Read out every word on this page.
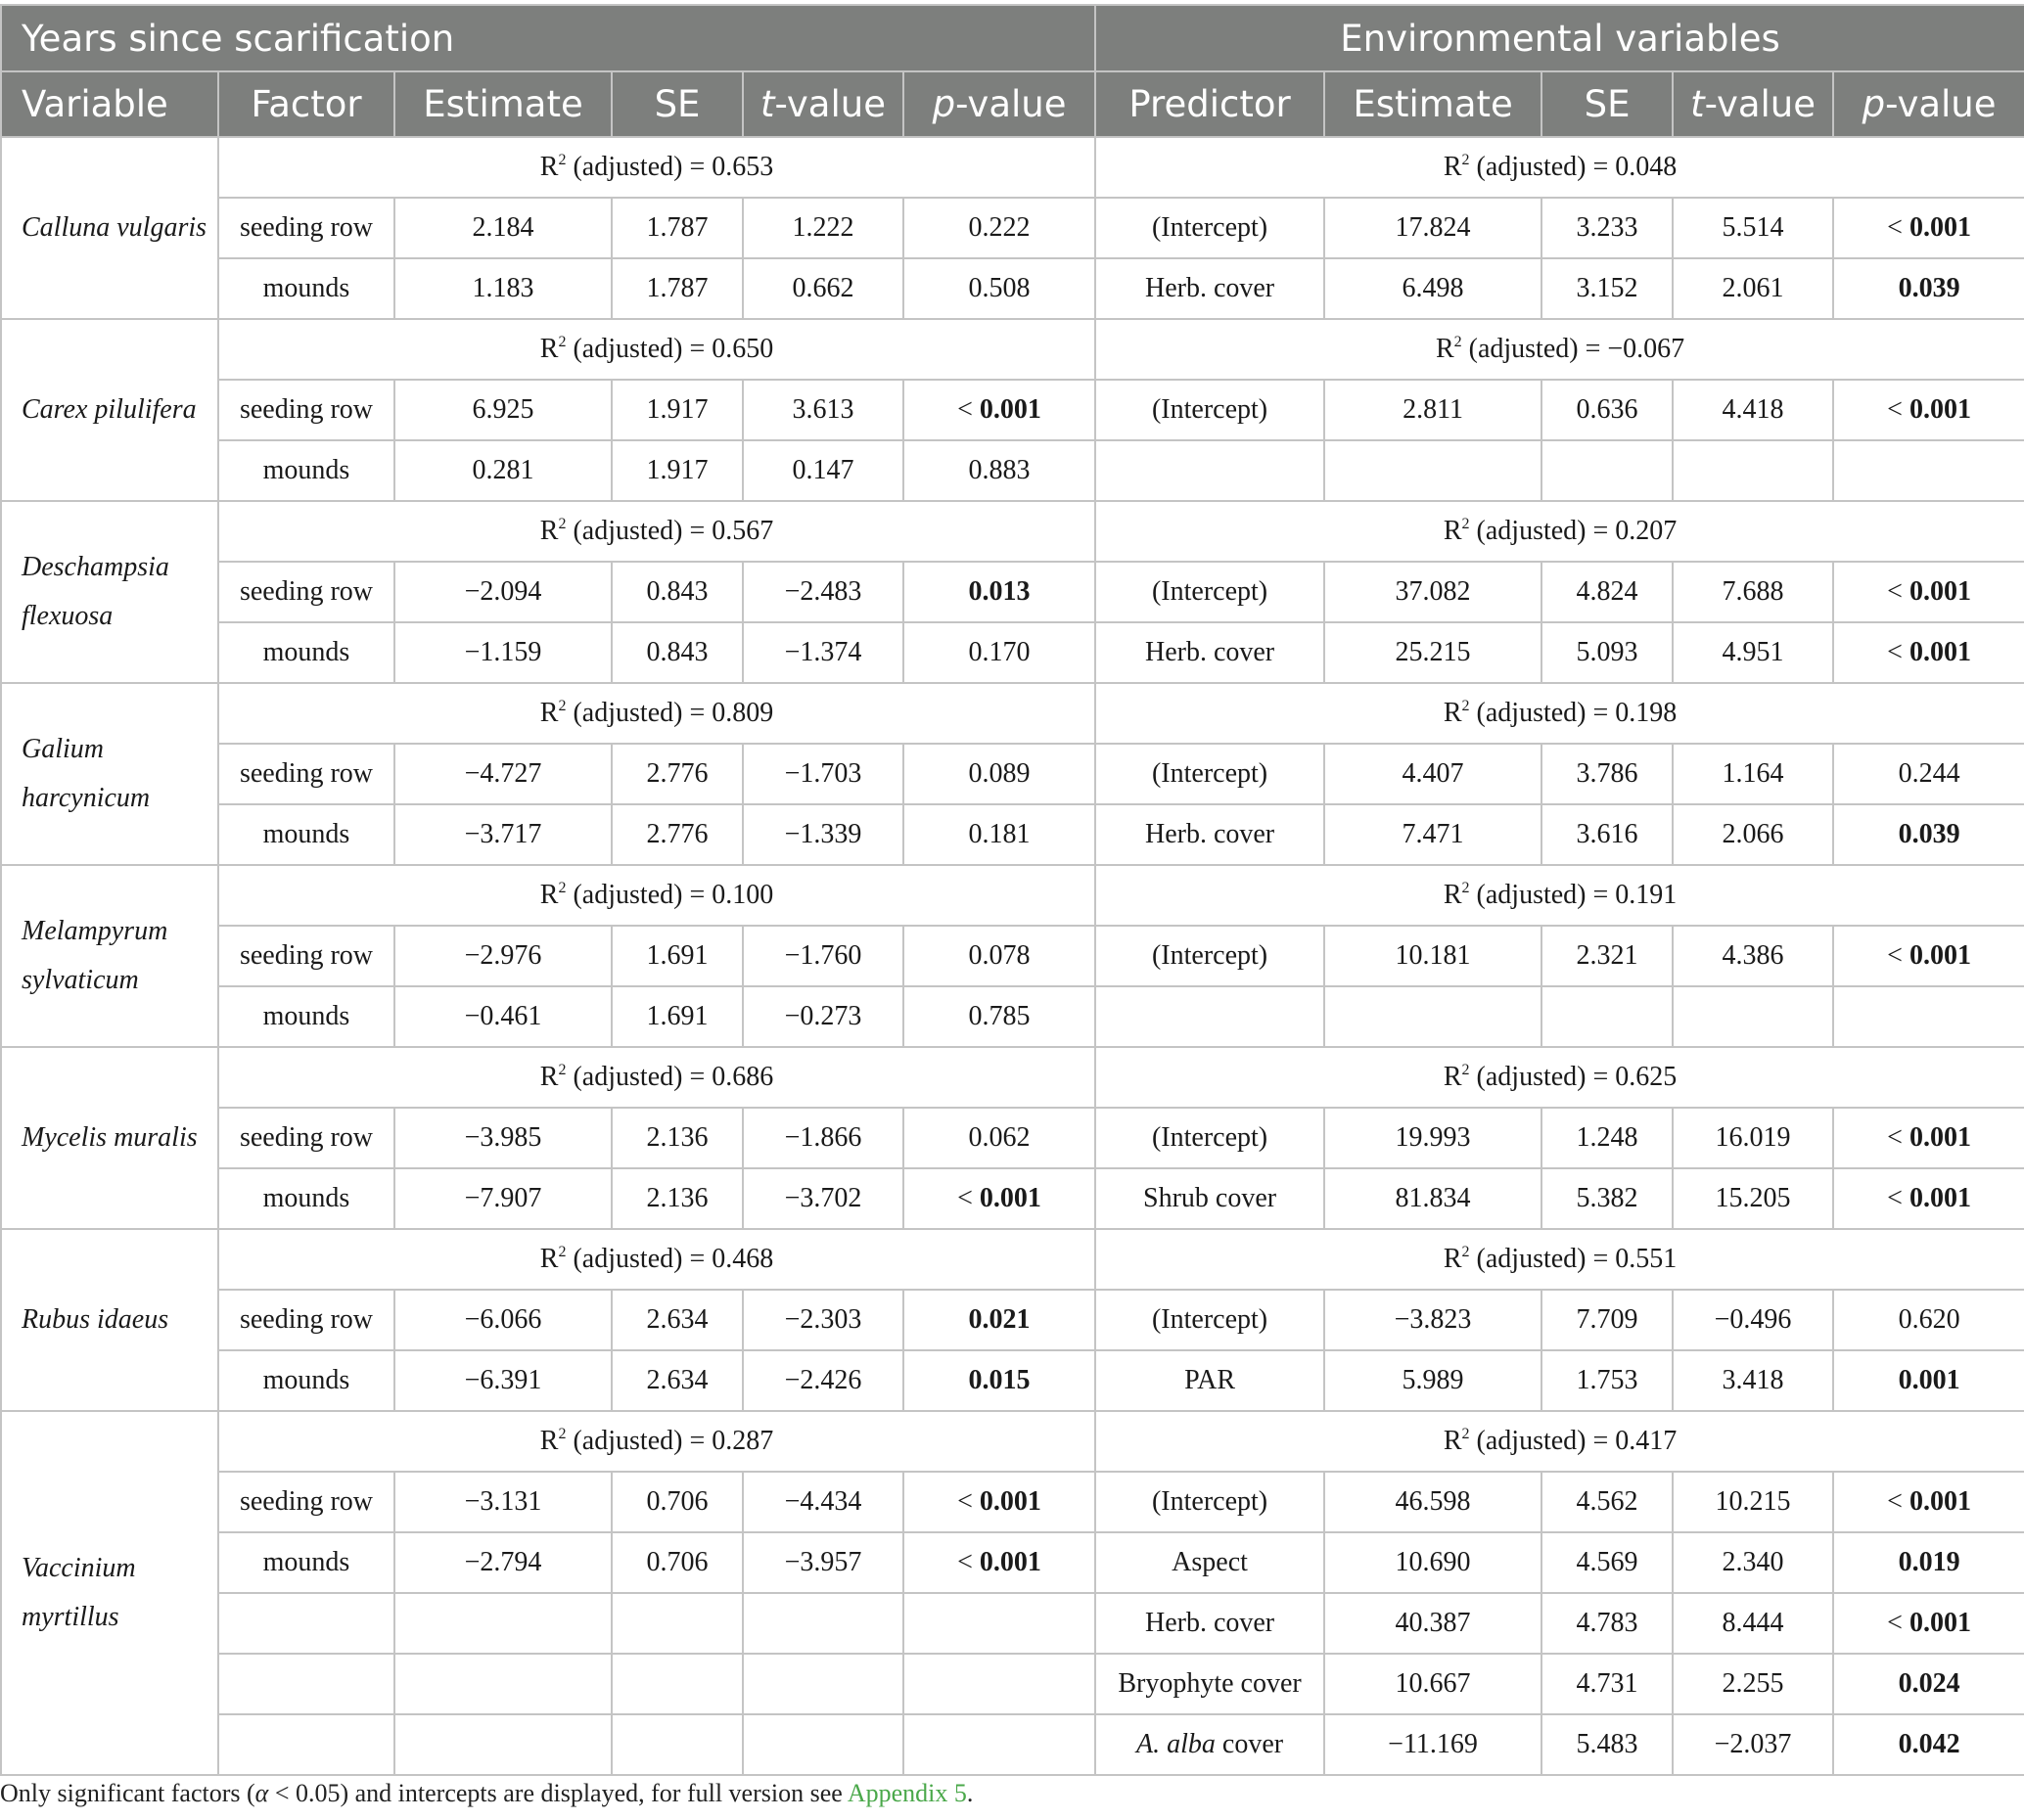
Years since scarification						Environmental variables				
Variable	Factor	Estimate	SE	t-value	p-value	Predictor	Estimate	SE	t-value	p-value
Calluna vulgaris	$R^2$ (adjusted) = 0.653					$R^2$ (adjusted) = 0.048				
	seeding row	2.184	1.787	1.222	0.222	(Intercept)	17.824	3.233	5.514	< 0.001
	mounds	1.183	1.787	0.662	0.508	Herb. cover	6.498	3.152	2.061	0.039
Carex pilulifera	$R^2$ (adjusted) = 0.650					$R^2$ (adjusted) = −0.067				
	seeding row	6.925	1.917	3.613	< 0.001	(Intercept)	2.811	0.636	4.418	< 0.001
	mounds	0.281	1.917	0.147	0.883					
Deschampsia flexuosa	$R^2$ (adjusted) = 0.567					$R^2$ (adjusted) = 0.207				
	seeding row	−2.094	0.843	−2.483	0.013	(Intercept)	37.082	4.824	7.688	< 0.001
	mounds	−1.159	0.843	−1.374	0.170	Herb. cover	25.215	5.093	4.951	< 0.001
Galium harcynicum	$R^2$ (adjusted) = 0.809					$R^2$ (adjusted) = 0.198				
	seeding row	−4.727	2.776	−1.703	0.089	(Intercept)	4.407	3.786	1.164	0.244
	mounds	−3.717	2.776	−1.339	0.181	Herb. cover	7.471	3.616	2.066	0.039
Melampyrum sylvaticum	$R^2$ (adjusted) = 0.100					$R^2$ (adjusted) = 0.191				
	seeding row	−2.976	1.691	−1.760	0.078	(Intercept)	10.181	2.321	4.386	< 0.001
	mounds	−0.461	1.691	−0.273	0.785					
Mycelis muralis	$R^2$ (adjusted) = 0.686					$R^2$ (adjusted) = 0.625				
	seeding row	−3.985	2.136	−1.866	0.062	(Intercept)	19.993	1.248	16.019	< 0.001
	mounds	−7.907	2.136	−3.702	< 0.001	Shrub cover	81.834	5.382	15.205	< 0.001
Rubus idaeus	$R^2$ (adjusted) = 0.468					$R^2$ (adjusted) = 0.551				
	seeding row	−6.066	2.634	−2.303	0.021	(Intercept)	−3.823	7.709	−0.496	0.620
	mounds	−6.391	2.634	−2.426	0.015	PAR	5.989	1.753	3.418	0.001
Vaccinium myrtillus	$R^2$ (adjusted) = 0.287					$R^2$ (adjusted) = 0.417				
	seeding row	−3.131	0.706	−4.434	< 0.001	(Intercept)	46.598	4.562	10.215	< 0.001
	mounds	−2.794	0.706	−3.957	< 0.001	Aspect	10.690	4.569	2.340	0.019
						Herb. cover	40.387	4.783	8.444	< 0.001
						Bryophyte cover	10.667	4.731	2.255	0.024
						A. alba cover	−11.169	5.483	−2.037	0.042
Only significant factors (α < 0.05) and intercepts are displayed, for full version see Appendix 5.
